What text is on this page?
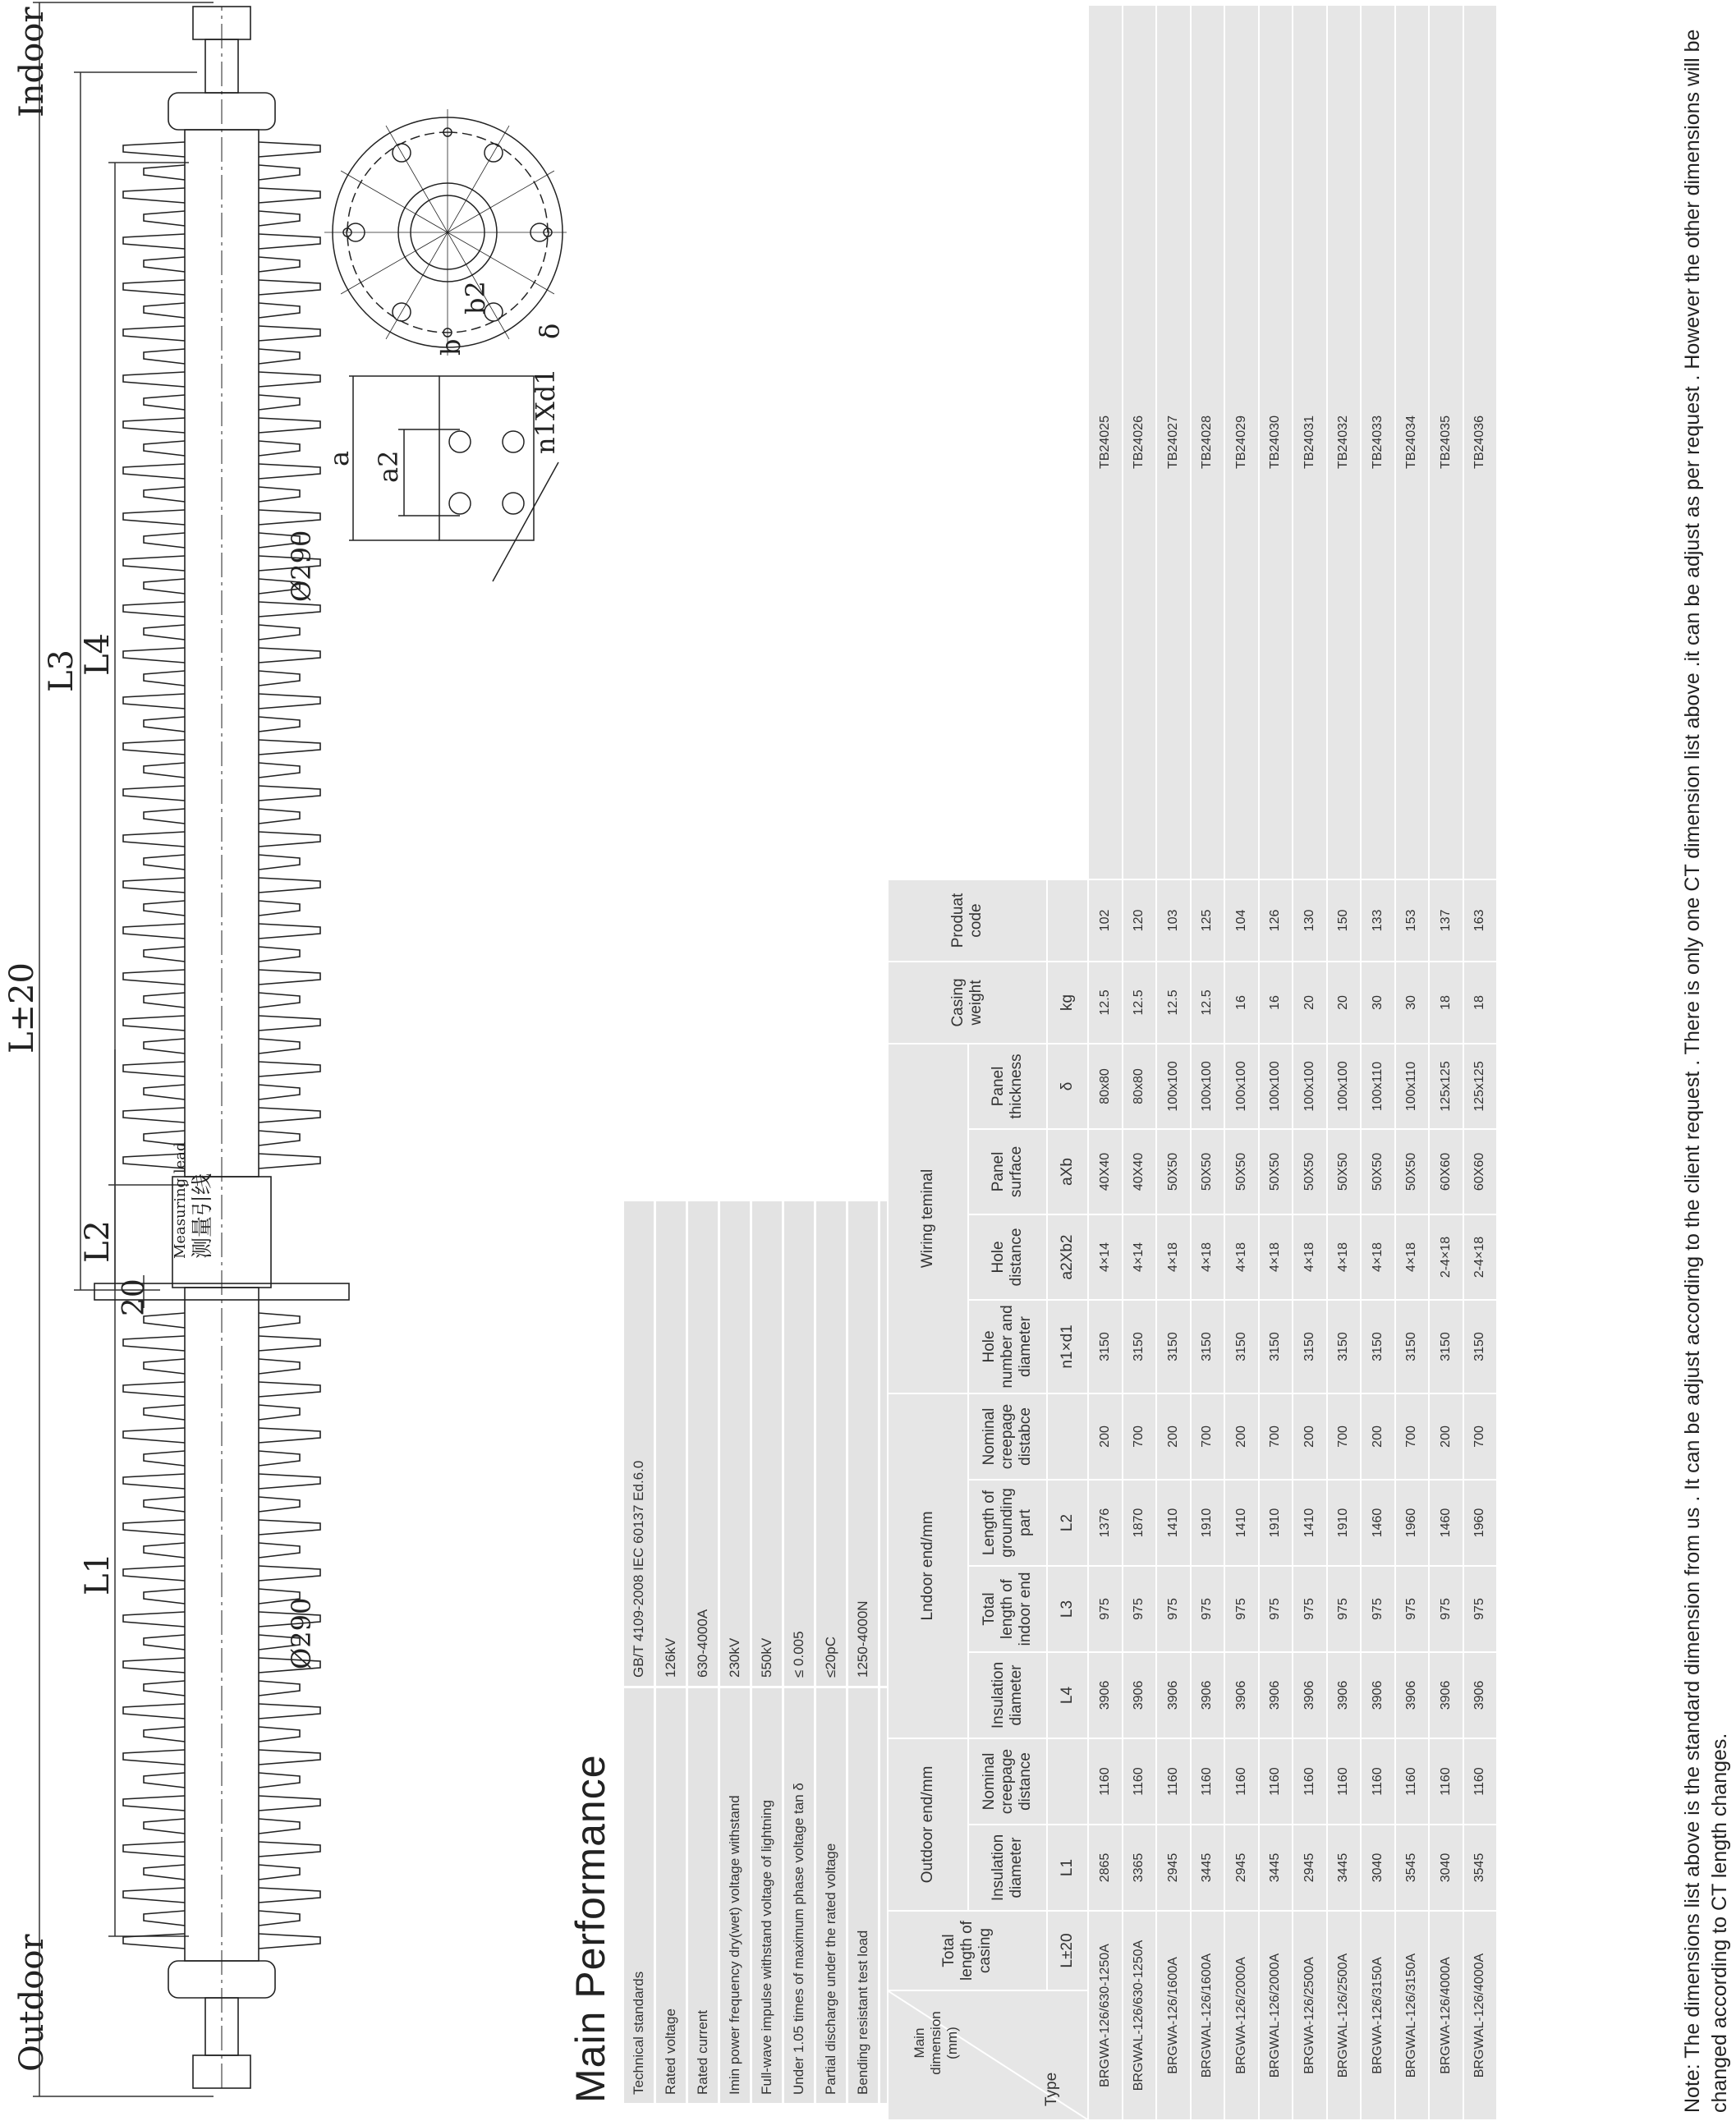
Outdoor
Indoor
L±20
L3
L4
L2
L1
20
Ø290
Ø290
Measuring lead 测量引线
a a2
b
b2
n1Xd1
δ
Main Performance Technical standards	GB/T 4109-2008 IEC 60137 Ed.6.0
Rated voltage	126kV
Rated current	630-4000A
Imin power frequency dry(wet) voltage withstand	230kV
Full-wave impulse withstand voltage of lightning	550kV
Under 1.05 times of maximum phase voltage tan δ	≤ 0.005
Partial discharge under the rated voltage	≤20pC
Bending resistant test load	1250-4000N

	Total length of casing	Outdoor end/mm		Lndoor end/mm				Wiring teminal				Casing weight	Produat code	
		Insulation diameter	Nominal creepage distance	Insulation diameter	Total length of indoor end	Length of grounding part	Nominal creepage distabce	Hole number and diameter	Hole distance	Panel surface	Panel thickness			
	L±20	L1		L4	L3	L2		n1×d1	a2Xb2	aXb	δ	kg		
BRGWA-126/630-1250A		2865	1160	3906	975	1376	200	3150	4×14	40X40	80x80	12.5	102	TB24025
BRGWAL-126/630-1250A		3365	1160	3906	975	1870	700	3150	4×14	40X40	80x80	12.5	120	TB24026
BRGWA-126/1600A		2945	1160	3906	975	1410	200	3150	4×18	50X50	100x100	12.5	103	TB24027
BRGWAL-126/1600A		3445	1160	3906	975	1910	700	3150	4×18	50X50	100x100	12.5	125	TB24028
BRGWA-126/2000A		2945	1160	3906	975	1410	200	3150	4×18	50X50	100x100	16	104	TB24029
BRGWAL-126/2000A		3445	1160	3906	975	1910	700	3150	4×18	50X50	100x100	16	126	TB24030
BRGWA-126/2500A		2945	1160	3906	975	1410	200	3150	4×18	50X50	100x100	20	130	TB24031
BRGWAL-126/2500A		3445	1160	3906	975	1910	700	3150	4×18	50X50	100x100	20	150	TB24032
BRGWA-126/3150A		3040	1160	3906	975	1460	200	3150	4×18	50X50	100x110	30	133	TB24033
BRGWAL-126/3150A		3545	1160	3906	975	1960	700	3150	4×18	50X50	100x110	30	153	TB24034
BRGWA-126/4000A		3040	1160	3906	975	1460	200	3150	2-4×18	60X60	125x125	18	137	TB24035
BRGWAL-126/4000A		3545	1160	3906	975	1960	700	3150	2-4×18	60X60	125x125	18	163	TB24036
Main dimension (mm)
Type	Note: The dimensions list above is the standard dimension from us . It can be adjust according to the client request . There is only one CT dimension list above .it can be adjust as per request . However the other dimensions will be changed according to CT length changes.
